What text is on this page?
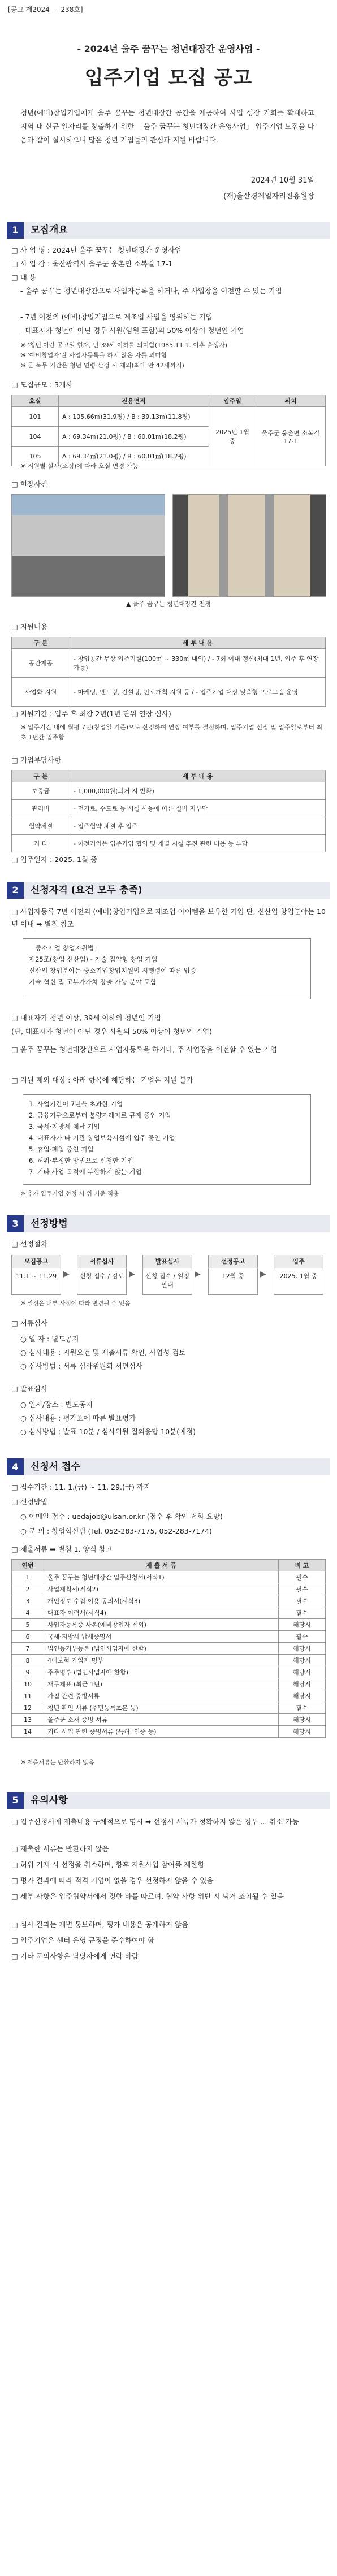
[공고 제2024 — 238호]
- 2024년 울주 꿈꾸는 청년대장간 운영사업 -
입주기업 모집 공고
청년(예비)창업기업에게 울주 꿈꾸는 청년대장간 공간을 제공하여 사업 성장 기회를 확대하고 지역 내 신규 일자리를 창출하기 위한 「울주 꿈꾸는 청년대장간 운영사업」 입주기업 모집을 다음과 같이 실시하오니 많은 청년 기업들의 관심과 지원 바랍니다.
2024년 10월 31일
(재)울산경제일자리진흥원장
1	모집개요
□ 사 업 명 : 2024년 울주 꿈꾸는 청년대장간 운영사업
□ 사 업 장 : 울산광역시 울주군 웅촌면 소복길 17-1
□ 내 용
- 울주 꿈꾸는 청년대장간으로 사업자등록을 하거나, 주 사업장을 이전할 수 있는 기업
- 7년 이전의 (예비)창업기업으로 제조업 사업을 영위하는 기업
- 대표자가 청년이 아닌 경우 사원(임원 포함)의 50% 이상이 청년인 기업
※ '청년'이란 공고일 현재, 만 39세 이하를 의미함(1985.11.1. 이후 출생자)
※ '예비창업자'란 사업자등록을 하지 않은 자를 의미함
※ 군 복무 기간은 청년 연령 산정 시 제외(최대 만 42세까지)
□ 모집규모 : 3개사
호실	전용면적	입주일	위치
101	A : 105.66㎡(31.9평) / B : 39.13㎡(11.8평)	2025년 1월 중	울주군 웅촌면 소복길 17-1
104	A : 69.34㎡(21.0평) / B : 60.01㎡(18.2평)		
105	A : 69.34㎡(21.0평) / B : 60.01㎡(18.2평)		
※ 지원별 실사(조정)에 따라 호실 변경 가능
□ 현장사진
▲ 울주 꿈꾸는 청년대장간 전경
□ 지원내용
구 분	세 부 내 용
공간제공	- 창업공간 무상 입주지원(100㎡ ~ 330㎡ 내외) / - 7회 이내 갱신(최대 1년, 입주 후 연장 가능)
사업화 지원	- 마케팅, 멘토링, 컨설팅, 판로개척 지원 등 / - 입주기업 대상 맞춤형 프로그램 운영
□ 지원기간 : 입주 후 최장 2년(1년 단위 연장 심사)
※ 입주기간 내에 월평 7년(창업일 기준)으로 산정하여 연장 여부를 결정하며, 입주기업 선정 및 입주일로부터 최초 1년간 입주함
□ 기업부담사항
구 분	세 부 내 용
보증금	- 1,000,000원(퇴거 시 반환)
관리비	- 전기료, 수도료 등 시설 사용에 따른 실비 지부담
협약체결	- 입주협약 체결 후 입주
기 타	- 이전기업은 입주기업 협의 및 개별 시설 추진 관련 비용 등 부담
□ 입주일자 : 2025. 1월 중
2	신청자격 (요건 모두 충족)
□ 사업자등록 7년 이전의 (예비)창업기업으로 제조업 아이템을 보유한 기업 단, 신산업 창업분야는 10년 이내 ➡ 별첨 참조
「중소기업 창업지원법」
제25조(창업 신산업) - 기술 집약형 창업 기업
신산업 창업분야는 중소기업창업지원법 시행령에 따른 업종
기술 혁신 및 고부가가치 창출 가능 분야 포함
□ 대표자가 청년 이상, 39세 이하의 청년인 기업
(단, 대표자가 청년이 아닌 경우 사원의 50% 이상이 청년인 기업)
□ 울주 꿈꾸는 청년대장간으로 사업자등록을 하거나, 주 사업장을 이전할 수 있는 기업
□ 지원 제외 대상 : 아래 항목에 해당하는 기업은 지원 불가
1. 사업기간이 7년을 초과한 기업
2. 금융기관으로부터 불량거래자로 규제 중인 기업
3. 국세·지방세 체납 기업
4. 대표자가 타 기관 창업보육시설에 입주 중인 기업
5. 휴업·폐업 중인 기업
6. 허위·부정한 방법으로 신청한 기업
7. 기타 사업 목적에 부합하지 않는 기업
※ 추가 입주기업 선정 시 위 기준 적용
3	선정방법
□ 선정절차
모집공고
11.1 ~ 11.29 ▶
서류심사
신청 접수 / 검토 ▶
발표심사
신청 접수 / 일정 안내
▶
선정공고
12월 중	▶
입주
2025. 1월 중
※ 일정은 내부 사정에 따라 변경될 수 있음
□ 서류심사
○ 일 자 : 별도공지
○ 심사내용 : 지원요건 및 제출서류 확인, 사업성 검토
○ 심사방법 : 서류 심사위원회 서면심사
□ 발표심사
○ 일시/장소 : 별도공지
○ 심사내용 : 평가표에 따른 발표평가
○ 심사방법 : 발표 10분 / 심사위원 질의응답 10분(예정)
4	신청서 접수
□ 접수기간 : 11. 1.(금) ~ 11. 29.(금) 까지
□ 신청방법
○ 이메일 접수 : uedajob@ulsan.or.kr (접수 후 확인 전화 요망)
○ 문 의 : 창업혁신팀 (Tel. 052-283-7175, 052-283-7174)
□ 제출서류 ➡ 별첨 1. 양식 참고
연번	제 출 서 류	비 고
1	울주 꿈꾸는 청년대장간 입주신청서(서식1)	필수
2	사업계획서(서식2)	필수
3	개인정보 수집·이용 동의서(서식3)	필수
4	대표자 이력서(서식4)	필수
5	사업자등록증 사본(예비창업자 제외)	해당시
6	국세·지방세 납세증명서	필수
7	법인등기부등본 (법인사업자에 한함)	해당시
8	4대보험 가입자 명부	해당시
9	주주명부 (법인사업자에 한함)	해당시
10	재무제표 (최근 1년)	해당시
11	가점 관련 증빙서류	해당시
12	청년 확인 서류 (주민등록초본 등)	필수
13	울주군 소재 증빙 서류	해당시
14	기타 사업 관련 증빙서류 (특허, 인증 등)	해당시
※ 제출서류는 반환하지 않음
5	유의사항
□ 입주신청서에 제출내용 구체적으로 명시 ➡ 선정시 서류가 정확하지 않은 경우 ... 취소 가능
□ 제출한 서류는 반환하지 않음
□ 허위 기재 시 선정을 취소하며, 향후 지원사업 참여를 제한함
□ 평가 결과에 따라 적격 기업이 없을 경우 선정하지 않을 수 있음
□ 세부 사항은 입주협약서에서 정한 바를 따르며, 협약 사항 위반 시 퇴거 조치될 수 있음
□ 심사 결과는 개별 통보하며, 평가 내용은 공개하지 않음
□ 입주기업은 센터 운영 규정을 준수하여야 함
□ 기타 문의사항은 담당자에게 연락 바람
